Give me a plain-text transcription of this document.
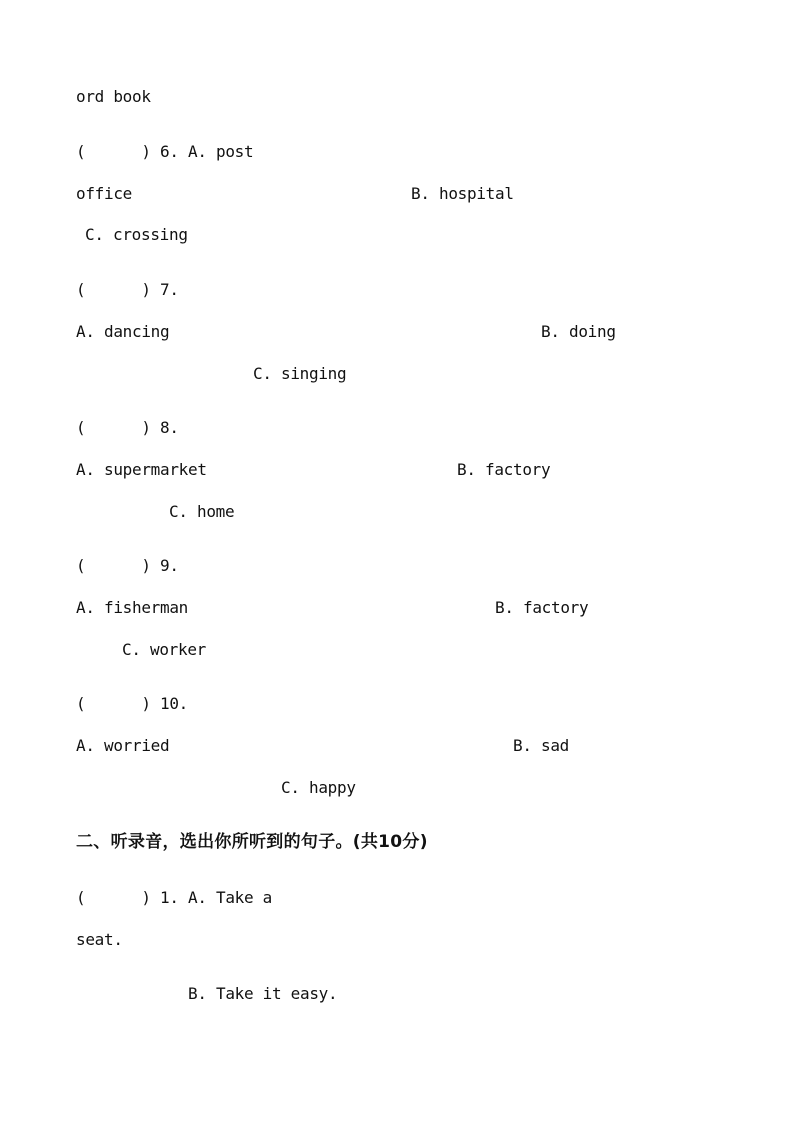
ord book
(      ) 6. A. post
office	B. hospital
C. crossing
(      ) 7.
A. dancing	B. doing
C. singing
(      ) 8.
A. supermarket	B. factory
C. home
(      ) 9.
A. fisherman	B. factory
C. worker
(      ) 10.
A. worried	B. sad
C. happy
二、听录音，选出你所听到的句子。(共10分)
(      ) 1. A. Take a
seat.
B. Take it easy.
